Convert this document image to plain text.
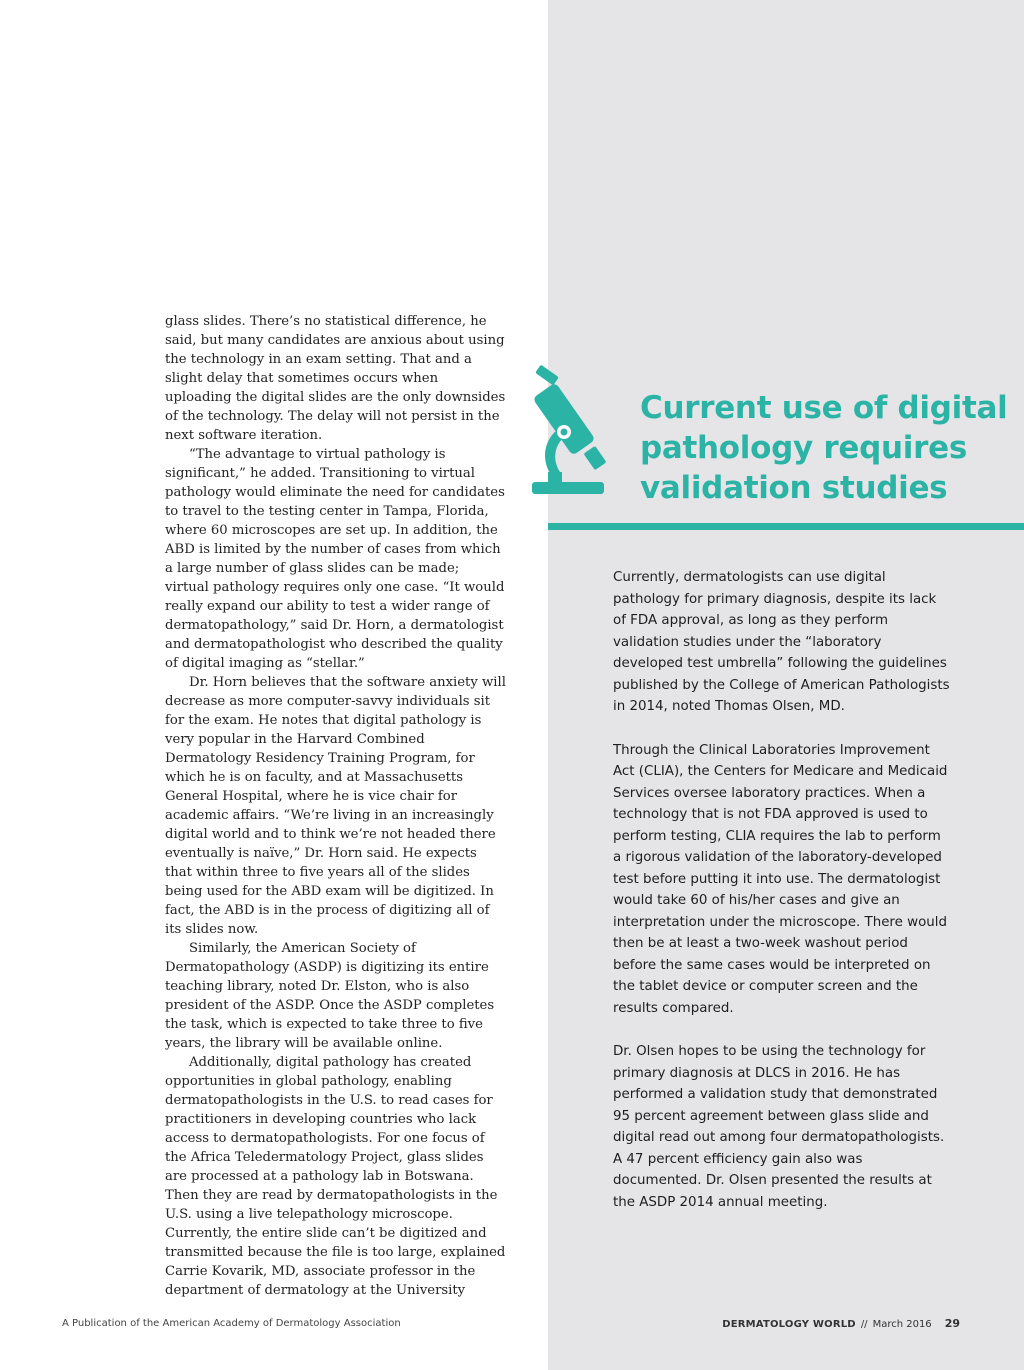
glass slides. There’s no statistical difference, he said, but many candidates are anxious about using the technology in an exam setting. That and a slight delay that sometimes occurs when uploading the digital slides are the only downsides of the technology. The delay will not persist in the next software iteration.

“The advantage to virtual pathology is significant,” he added. Transitioning to virtual pathology would eliminate the need for candidates to travel to the testing center in Tampa, Florida, where 60 microscopes are set up. In addition, the ABD is limited by the number of cases from which a large number of glass slides can be made; virtual pathology requires only one case. “It would really expand our ability to test a wider range of dermatopathology,” said Dr. Horn, a dermatologist and dermatopathologist who described the quality of digital imaging as “stellar.”

Dr. Horn believes that the software anxiety will decrease as more computer-savvy individuals sit for the exam. He notes that digital pathology is very popular in the Harvard Combined Dermatology Residency Training Program, for which he is on faculty, and at Massachusetts General Hospital, where he is vice chair for academic affairs. “We’re living in an increasingly digital world and to think we’re not headed there eventually is naïve,” Dr. Horn said. He expects that within three to five years all of the slides being used for the ABD exam will be digitized. In fact, the ABD is in the process of digitizing all of its slides now.

Similarly, the American Society of Dermatopathology (ASDP) is digitizing its entire teaching library, noted Dr. Elston, who is also president of the ASDP. Once the ASDP completes the task, which is expected to take three to five years, the library will be available online.

Additionally, digital pathology has created opportunities in global pathology, enabling dermatopathologists in the U.S. to read cases for practitioners in developing countries who lack access to dermatopathologists. For one focus of the Africa Teledermatology Project, glass slides are processed at a pathology lab in Botswana. Then they are read by dermatopathologists in the U.S. using a live telepathology microscope. Currently, the entire slide can’t be digitized and transmitted because the file is too large, explained Carrie Kovarik, MD, associate professor in the department of dermatology at the University

Current use of digital pathology requires validation studies

Currently, dermatologists can use digital pathology for primary diagnosis, despite its lack of FDA approval, as long as they perform validation studies under the “laboratory developed test umbrella” following the guidelines published by the College of American Pathologists in 2014, noted Thomas Olsen, MD.

Through the Clinical Laboratories Improvement Act (CLIA), the Centers for Medicare and Medicaid Services oversee laboratory practices. When a technology that is not FDA approved is used to perform testing, CLIA requires the lab to perform a rigorous validation of the laboratory-developed test before putting it into use. The dermatologist would take 60 of his/her cases and give an interpretation under the microscope. There would then be at least a two-week washout period before the same cases would be interpreted on the tablet device or computer screen and the results compared.

Dr. Olsen hopes to be using the technology for primary diagnosis at DLCS in 2016. He has performed a validation study that demonstrated 95 percent agreement between glass slide and digital read out among four dermatopathologists. A 47 percent efficiency gain also was documented. Dr. Olsen presented the results at the ASDP 2014 annual meeting.

A Publication of the American Academy of Dermatology Association	DERMATOLOGY WORLD // March 2016 29
